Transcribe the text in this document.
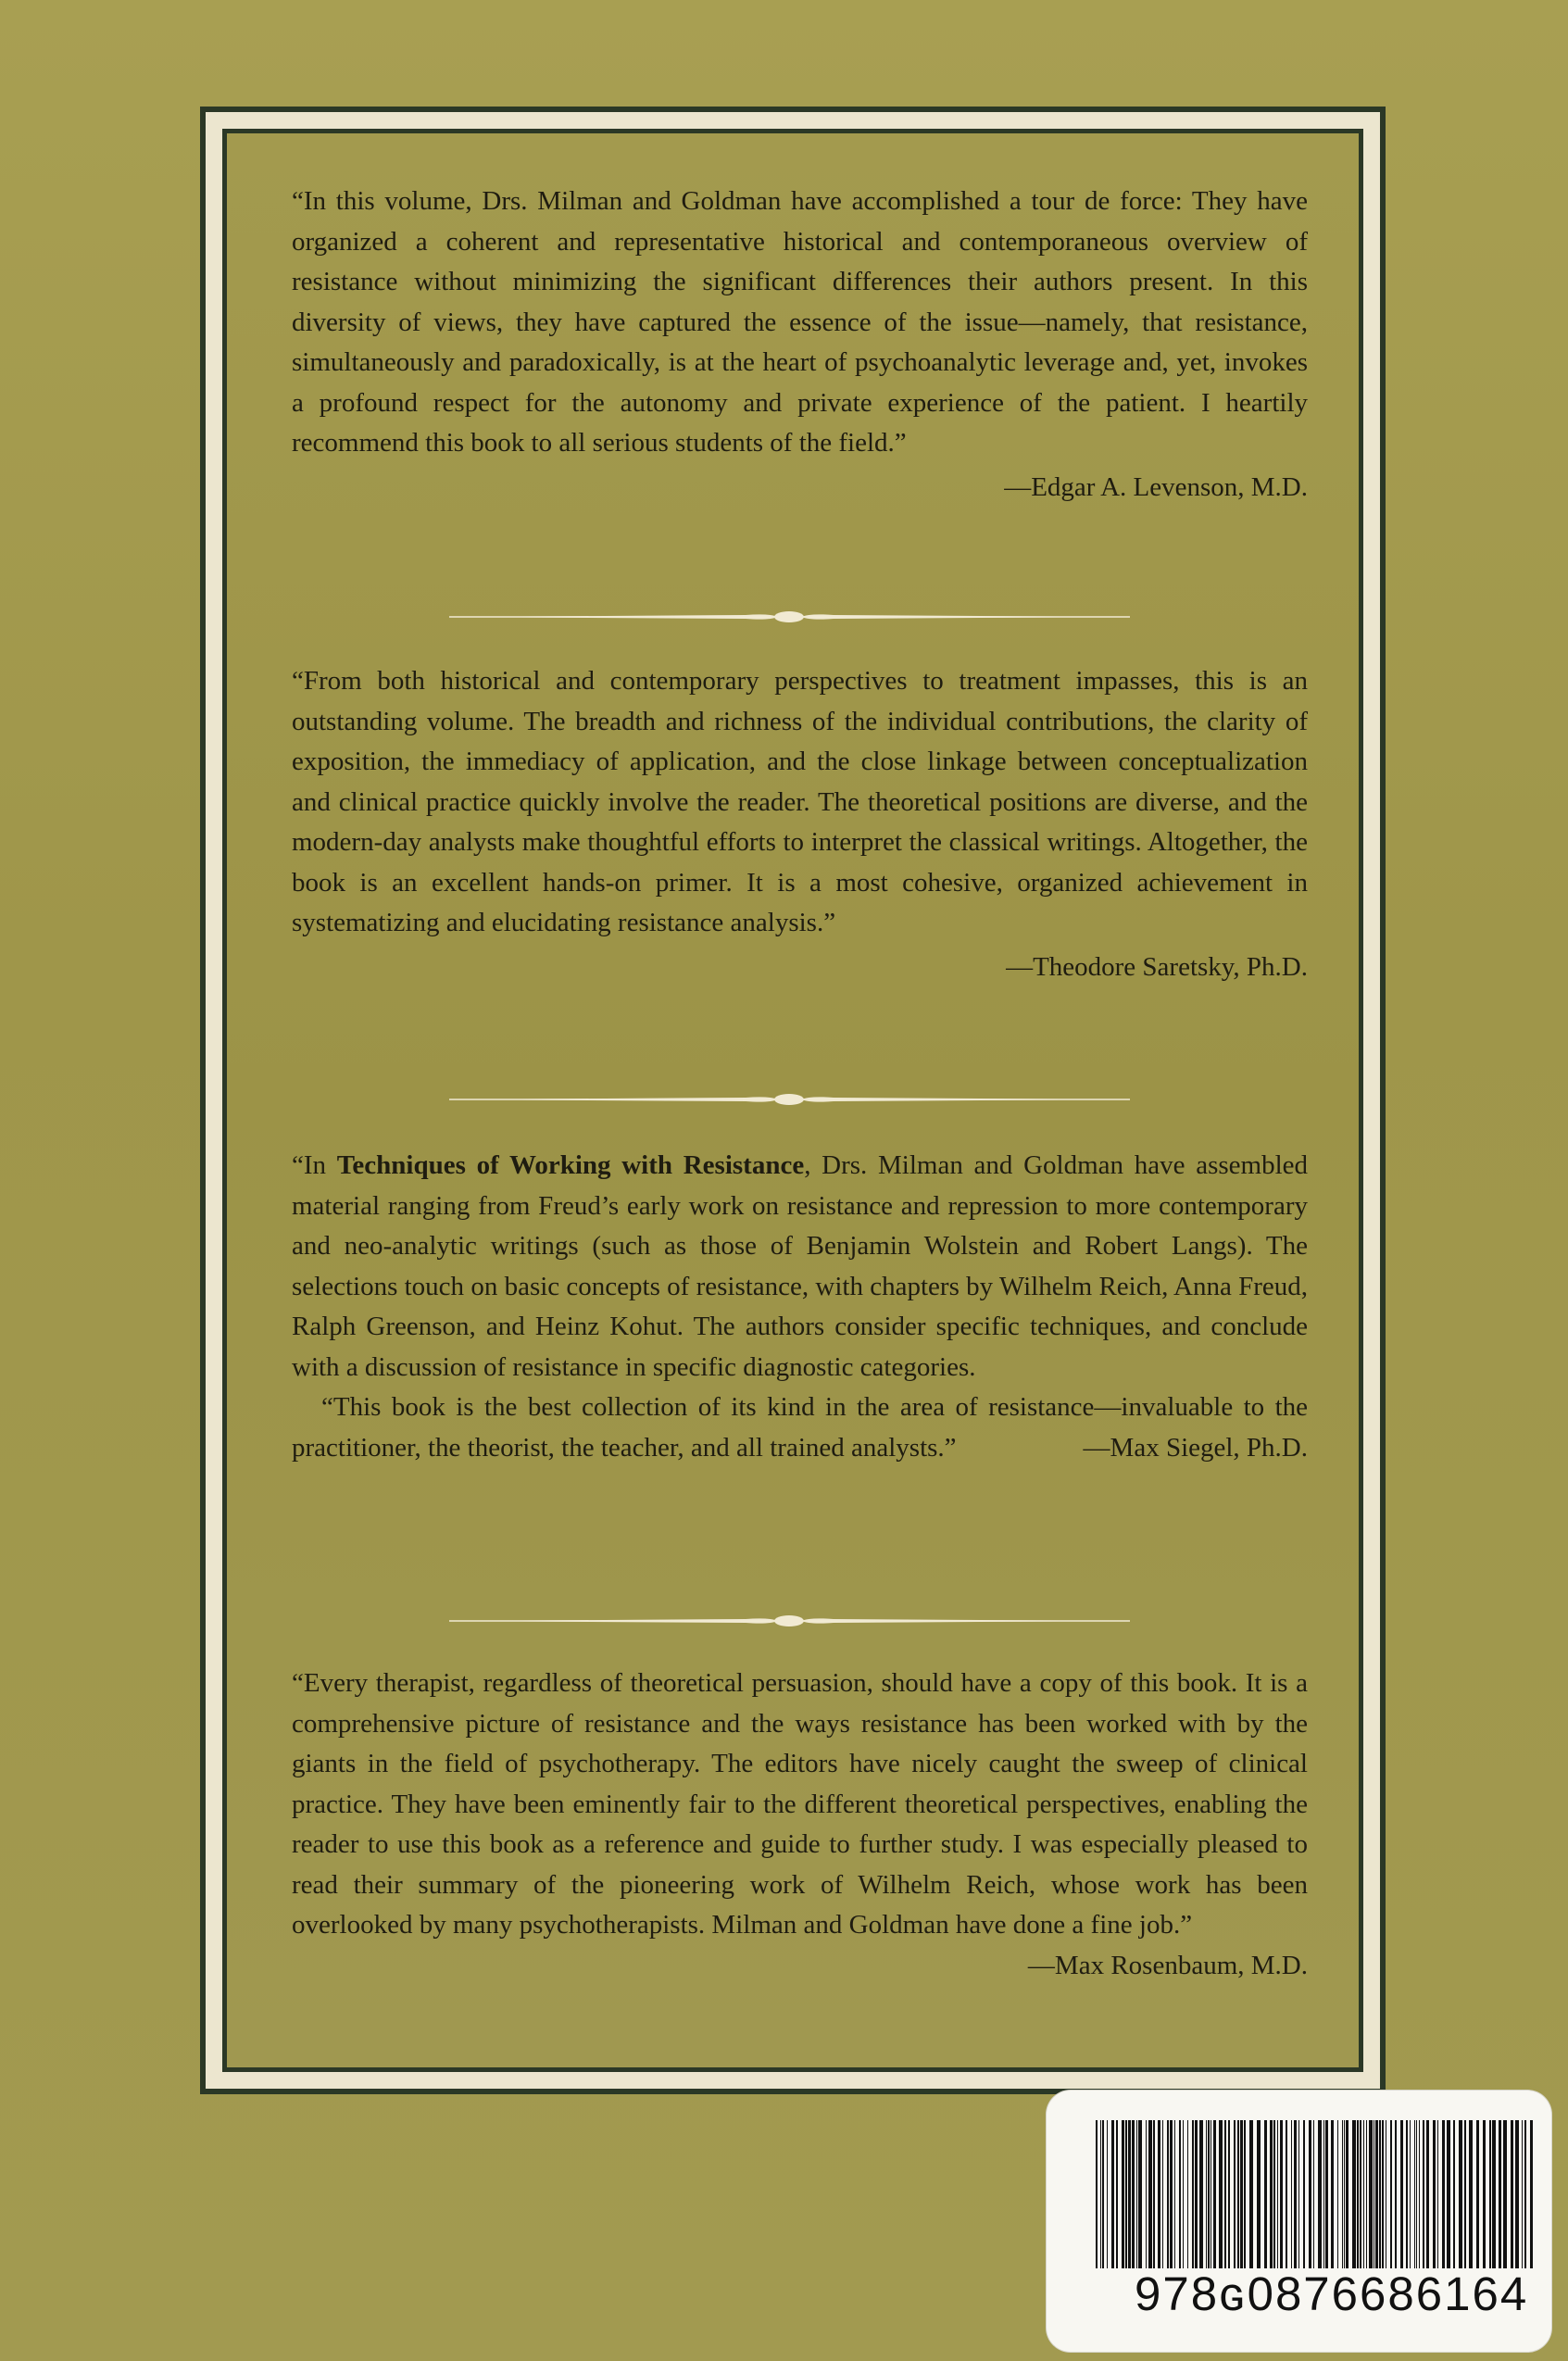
“In this volume, Drs. Milman and Goldman have accomplished a tour de force: They have organized a coherent and representative historical and contemporaneous overview of resistance without minimizing the significant differences their authors present. In this diversity of views, they have captured the essence of the issue—namely, that resistance, simultaneously and paradoxically, is at the heart of psychoanalytic leverage and, yet, invokes a profound respect for the autonomy and private experience of the patient. I heartily recommend this book to all serious students of the field.”

—Edgar A. Levenson, M.D.

“From both historical and contemporary perspectives to treatment impasses, this is an outstanding volume. The breadth and richness of the individual contributions, the clarity of exposition, the immediacy of application, and the close linkage between conceptualization and clinical practice quickly involve the reader. The theoretical positions are diverse, and the modern-day analysts make thoughtful efforts to interpret the classical writings. Altogether, the book is an excellent hands-on primer. It is a most cohesive, organized achievement in systematizing and elucidating resistance analysis.”

—Theodore Saretsky, Ph.D.

“In Techniques of Working with Resistance, Drs. Milman and Goldman have assembled material ranging from Freud’s early work on resistance and repression to more contemporary and neo-analytic writings (such as those of Benjamin Wolstein and Robert Langs). The selections touch on basic concepts of resistance, with chapters by Wilhelm Reich, Anna Freud, Ralph Greenson, and Heinz Kohut. The authors consider specific techniques, and conclude with a discussion of resistance in specific diagnostic categories.

“This book is the best collection of its kind in the area of resistance—invaluable to the practitioner, the theorist, the teacher, and all trained analysts.”	—Max Siegel, Ph.D.

“Every therapist, regardless of theoretical persuasion, should have a copy of this book. It is a comprehensive picture of resistance and the ways resistance has been worked with by the giants in the field of psychotherapy. The editors have nicely caught the sweep of clinical practice. They have been eminently fair to the different theoretical perspectives, enabling the reader to use this book as a reference and guide to further study. I was especially pleased to read their summary of the pioneering work of Wilhelm Reich, whose work has been overlooked by many psychotherapists. Milman and Goldman have done a fine job.”
—Max Rosenbaum, M.D.

978ɢ0876686164
